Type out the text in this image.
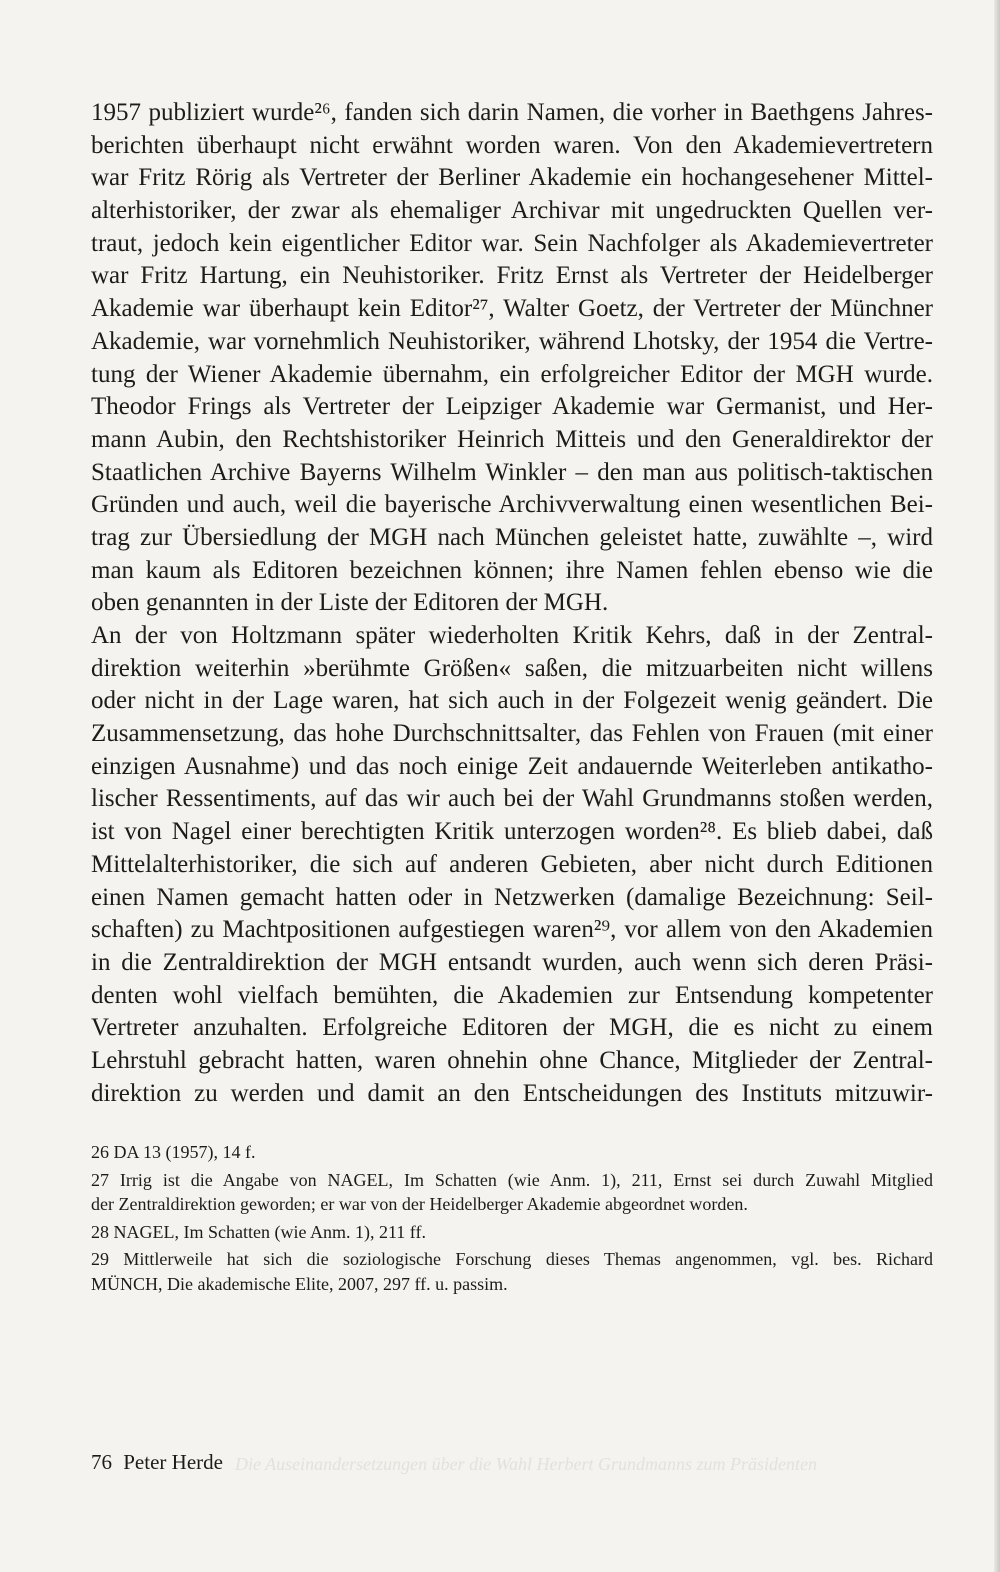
1957 publiziert wurde²⁶, fanden sich darin Namen, die vorher in Baethgens Jahres-
berichten überhaupt nicht erwähnt worden waren. Von den Akademievertretern
war Fritz Rörig als Vertreter der Berliner Akademie ein hochangesehener Mittel-
alterhistoriker, der zwar als ehemaliger Archivar mit ungedruckten Quellen ver-
traut, jedoch kein eigentlicher Editor war. Sein Nachfolger als Akademievertreter
war Fritz Hartung, ein Neuhistoriker. Fritz Ernst als Vertreter der Heidelberger
Akademie war überhaupt kein Editor²⁷, Walter Goetz, der Vertreter der Münchner
Akademie, war vornehmlich Neuhistoriker, während Lhotsky, der 1954 die Vertre-
tung der Wiener Akademie übernahm, ein erfolgreicher Editor der MGH wurde.
Theodor Frings als Vertreter der Leipziger Akademie war Germanist, und Her-
mann Aubin, den Rechtshistoriker Heinrich Mitteis und den Generaldirektor der
Staatlichen Archive Bayerns Wilhelm Winkler – den man aus politisch-taktischen
Gründen und auch, weil die bayerische Archivverwaltung einen wesentlichen Bei-
trag zur Übersiedlung der MGH nach München geleistet hatte, zuwählte –, wird
man kaum als Editoren bezeichnen können; ihre Namen fehlen ebenso wie die
oben genannten in der Liste der Editoren der MGH.
An der von Holtzmann später wiederholten Kritik Kehrs, daß in der Zentral-
direktion weiterhin »berühmte Größen« saßen, die mitzuarbeiten nicht willens
oder nicht in der Lage waren, hat sich auch in der Folgezeit wenig geändert. Die
Zusammensetzung, das hohe Durchschnittsalter, das Fehlen von Frauen (mit einer
einzigen Ausnahme) und das noch einige Zeit andauernde Weiterleben antikatho-
lischer Ressentiments, auf das wir auch bei der Wahl Grundmanns stoßen werden,
ist von Nagel einer berechtigten Kritik unterzogen worden²⁸. Es blieb dabei, daß
Mittelalterhistoriker, die sich auf anderen Gebieten, aber nicht durch Editionen
einen Namen gemacht hatten oder in Netzwerken (damalige Bezeichnung: Seil-
schaften) zu Machtpositionen aufgestiegen waren²⁹, vor allem von den Akademien
in die Zentraldirektion der MGH entsandt wurden, auch wenn sich deren Präsi-
denten wohl vielfach bemühten, die Akademien zur Entsendung kompetenter
Vertreter anzuhalten. Erfolgreiche Editoren der MGH, die es nicht zu einem
Lehrstuhl gebracht hatten, waren ohnehin ohne Chance, Mitglieder der Zentral-
direktion zu werden und damit an den Entscheidungen des Instituts mitzuwir-
26 DA 13 (1957), 14 f.
27 Irrig ist die Angabe von NAGEL, Im Schatten (wie Anm. 1), 211, Ernst sei durch Zuwahl Mitglied
der Zentraldirektion geworden; er war von der Heidelberger Akademie abgeordnet worden.
28 NAGEL, Im Schatten (wie Anm. 1), 211 ff.
29 Mittlerweile hat sich die soziologische Forschung dieses Themas angenommen, vgl. bes. Richard
MÜNCH, Die akademische Elite, 2007, 297 ff. u. passim.
76 Peter Herde Die Auseinandersetzungen über die Wahl Herbert Grundmanns zum Präsidenten
